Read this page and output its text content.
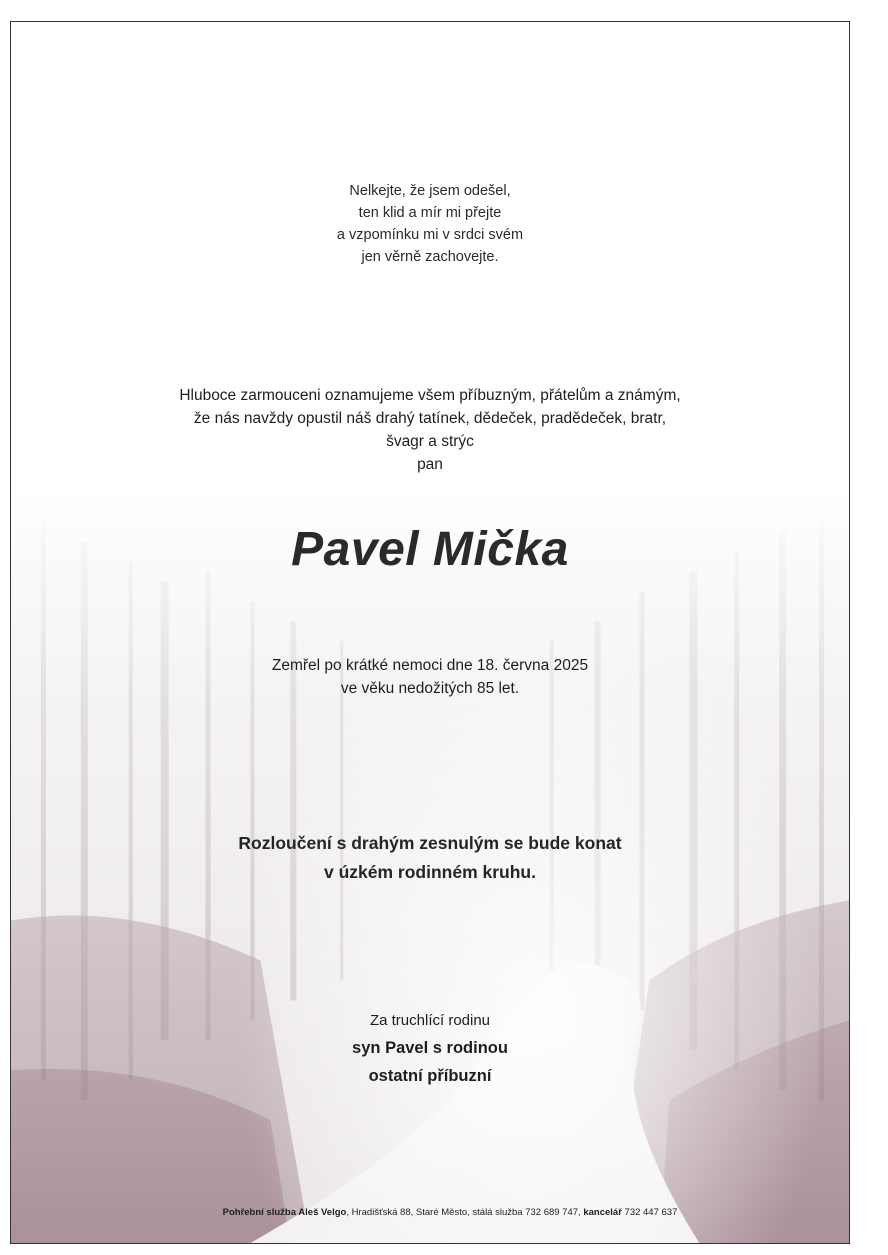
Nelkejte, že jsem odešel,
ten klid a mír mi přejte
a vzpomínku mi v srdci svém
jen věrně zachovejte.
Hluboce zarmouceni oznamujeme všem příbuzným, přátelům a známým,
že nás navždy opustil náš drahý tatínek, dědeček, pradědeček, bratr,
švagr a strýc
pan
Pavel Mička
Zemřel po krátké nemoci dne 18. června 2025
ve věku nedožitých 85 let.
Rozloučení s drahým zesnulým se bude konat
v úzkém rodinném kruhu.
Za truchlící rodinu
syn Pavel s rodinou
ostatní příbuzní
Pohřební služba Aleš Velgo, Hradišťská 88, Staré Město, stálá služba 732 689 747, kancelář 732 447 637
